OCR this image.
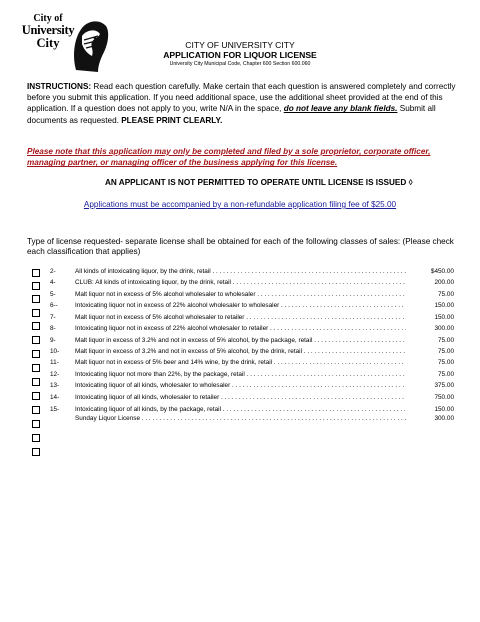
City of
University
City	CITY OF UNIVERSITY CITY
APPLICATION FOR LIQUOR LICENSE
University City Municipal Code, Chapter 600 Section 600.060
INSTRUCTIONS: Read each question carefully. Make certain that each question is answered completely and correctly before you submit this application. If you need additional space, use the additional sheet provided at the end of this application. If a question does not apply to you, write N/A in the space, do not leave any blank fields. Submit all documents as requested. PLEASE PRINT CLEARLY.
Please note that this application may only be completed and filed by a sole proprietor, corporate officer, managing partner, or managing officer of the business applying for this license.
AN APPLICANT IS NOT PERMITTED TO OPERATE UNTIL LICENSE IS ISSUED ◊
Applications must be accompanied by a non-refundable application filing fee of $25.00
Type of license requested- separate license shall be obtained for each of the following classes of sales: (Please check each classification that applies)
2-	All kinds of intoxicating liquor, by the drink, retail . . .	$450.00
4-	CLUB: All kinds of intoxicating liquor, by the drink, retail . . .	200.00
5-	Malt liquor not in excess of 5% alcohol wholesaler to wholesaler . . .	75.00
6--	Intoxicating liquor not in excess of 22% alcohol wholesaler to wholesaler . . .	150.00
7-	Malt liquor not in excess of 5% alcohol wholesaler to retailer . . .	150.00
8-	Intoxicating liquor not in excess of 22% alcohol wholesaler to retailer . . .	300.00
9-	Malt liquor in excess of 3.2% and not in excess of 5% alcohol, by the package, retail . . .	75.00
10-	Malt liquor in excess of 3.2% and not in excess of 5% alcohol, by the drink, retail . . .	75.00
11-	Malt liquor not in excess of 5% beer and 14% wine, by the drink, retail . . .	75.00
12-	Intoxicating liquor not more than 22%, by the package, retail . . .	75.00
13-	Intoxicating liquor of all kinds, wholesaler to wholesaler . . .	375.00
14-	Intoxicating liquor of all kinds, wholesaler to retailer . . .	750.00
15-	Intoxicating liquor of all kinds, by the package, retail . . .	150.00
Sunday Liquor License . . .	300.00
